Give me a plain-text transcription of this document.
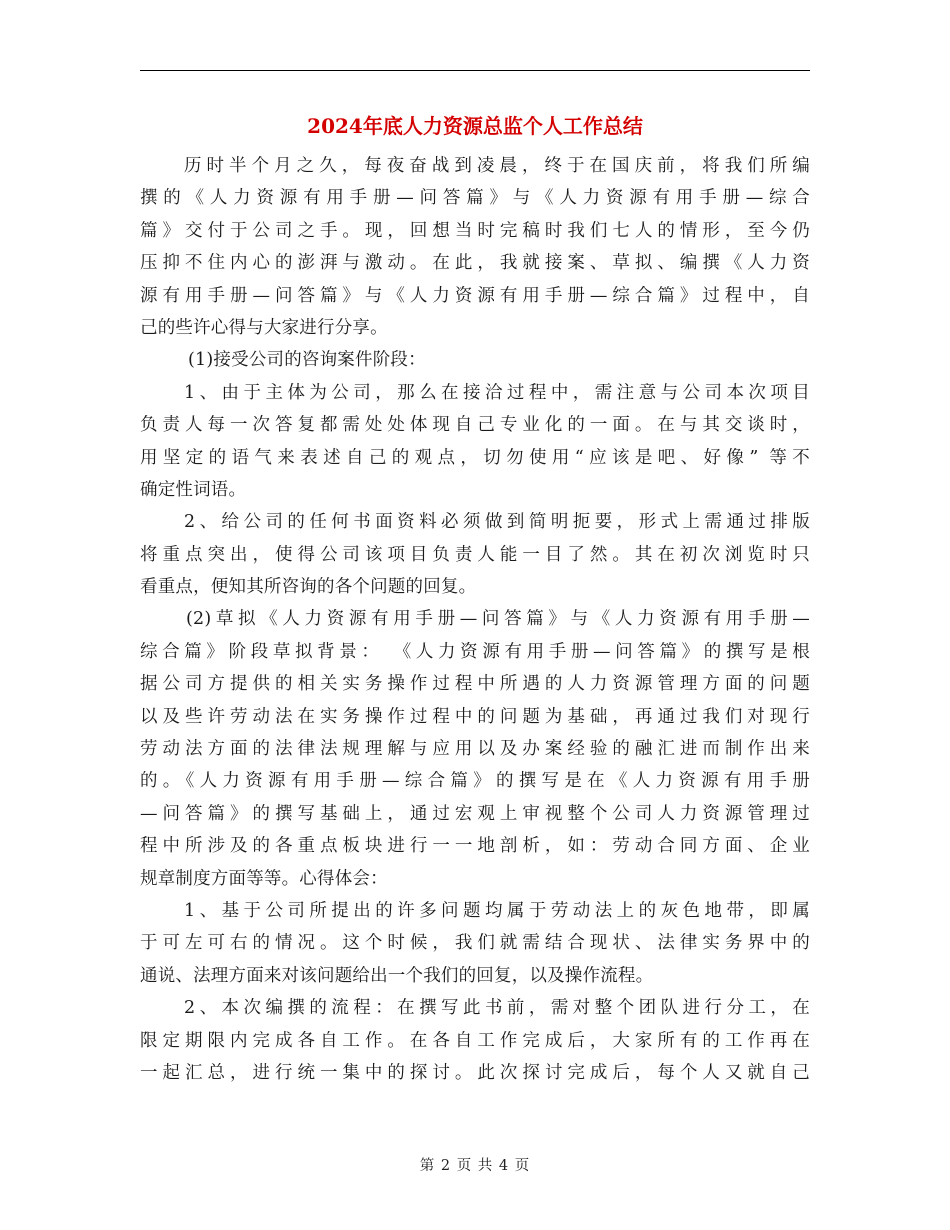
2024年底人力资源总监个人工作总结
历时半个月之久，每夜奋战到凌晨，终于在国庆前，将我们所编
撰的《人力资源有用手册—问答篇》与《人力资源有用手册—综合
篇》交付于公司之手。现，回想当时完稿时我们七人的情形，至今仍
压抑不住内心的澎湃与激动。在此，我就接案、草拟、编撰《人力资
源有用手册—问答篇》与《人力资源有用手册—综合篇》过程中，自
己的些许心得与大家进行分享。
(1)接受公司的咨询案件阶段：
1、由于主体为公司，那么在接洽过程中，需注意与公司本次项目
负责人每一次答复都需处处体现自己专业化的一面。在与其交谈时，
用坚定的语气来表述自己的观点，切勿使用“应该是吧、好像” 等不
确定性词语。
2、给公司的任何书面资料必须做到简明扼要，形式上需通过排版
将重点突出，使得公司该项目负责人能一目了然。其在初次浏览时只
看重点，便知其所咨询的各个问题的回复。
(2)草拟《人力资源有用手册—问答篇》与《人力资源有用手册—
综合篇》阶段草拟背景： 《人力资源有用手册—问答篇》的撰写是根
据公司方提供的相关实务操作过程中所遇的人力资源管理方面的问题
以及些许劳动法在实务操作过程中的问题为基础，再通过我们对现行
劳动法方面的法律法规理解与应用以及办案经验的融汇进而制作出来
的。《人力资源有用手册—综合篇》的撰写是在《人力资源有用手册
—问答篇》的撰写基础上，通过宏观上审视整个公司人力资源管理过
程中所涉及的各重点板块进行一一地剖析，如：劳动合同方面、企业
规章制度方面等等。心得体会：
1、基于公司所提出的许多问题均属于劳动法上的灰色地带，即属
于可左可右的情况。这个时候，我们就需结合现状、法律实务界中的
通说、法理方面来对该问题给出一个我们的回复，以及操作流程。
2、本次编撰的流程：在撰写此书前，需对整个团队进行分工，在
限定期限内完成各自工作。在各自工作完成后，大家所有的工作再在
一起汇总，进行统一集中的探讨。此次探讨完成后，每个人又就自己
第 2 页 共 4 页
